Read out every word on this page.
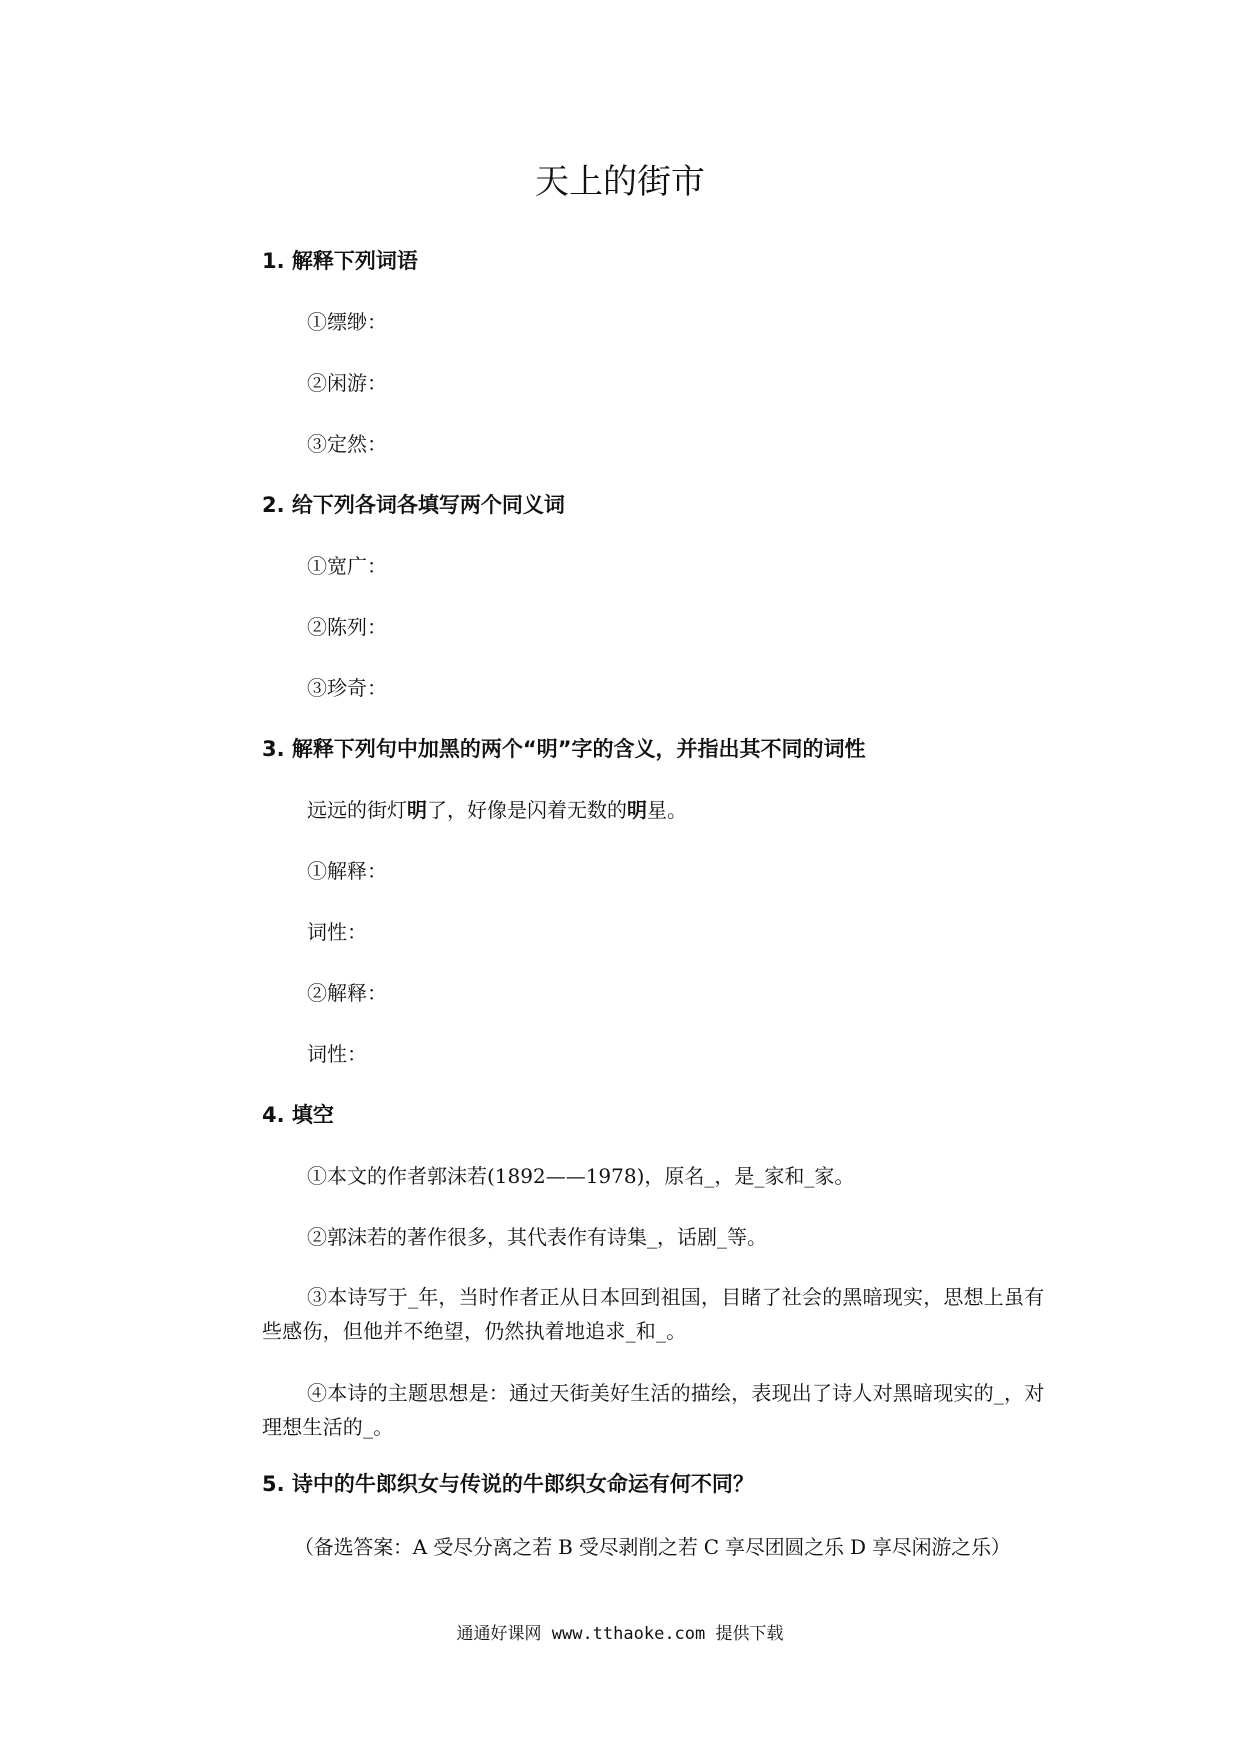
天上的街市

1. 解释下列词语

①缥缈：

②闲游：

③定然：

2. 给下列各词各填写两个同义词

①宽广：

②陈列：

③珍奇：

3. 解释下列句中加黑的两个“明”字的含义，并指出其不同的词性

远远的街灯明了，好像是闪着无数的明星。

①解释：

词性：

②解释：

词性：

4. 填空

①本文的作者郭沫若(1892——1978)，原名_，是_家和_家。

②郭沫若的著作很多，其代表作有诗集_，话剧_等。

③本诗写于_年，当时作者正从日本回到祖国，目睹了社会的黑暗现实，思想上虽有些感伤，但他并不绝望，仍然执着地追求_和_。

④本诗的主题思想是：通过天街美好生活的描绘，表现出了诗人对黑暗现实的_，对理想生活的_。

5. 诗中的牛郎织女与传说的牛郎织女命运有何不同？

（备选答案：A 受尽分离之若 B 受尽剥削之若 C 享尽团圆之乐 D 享尽闲游之乐）

通通好课网 www.tthaoke.com 提供下载
